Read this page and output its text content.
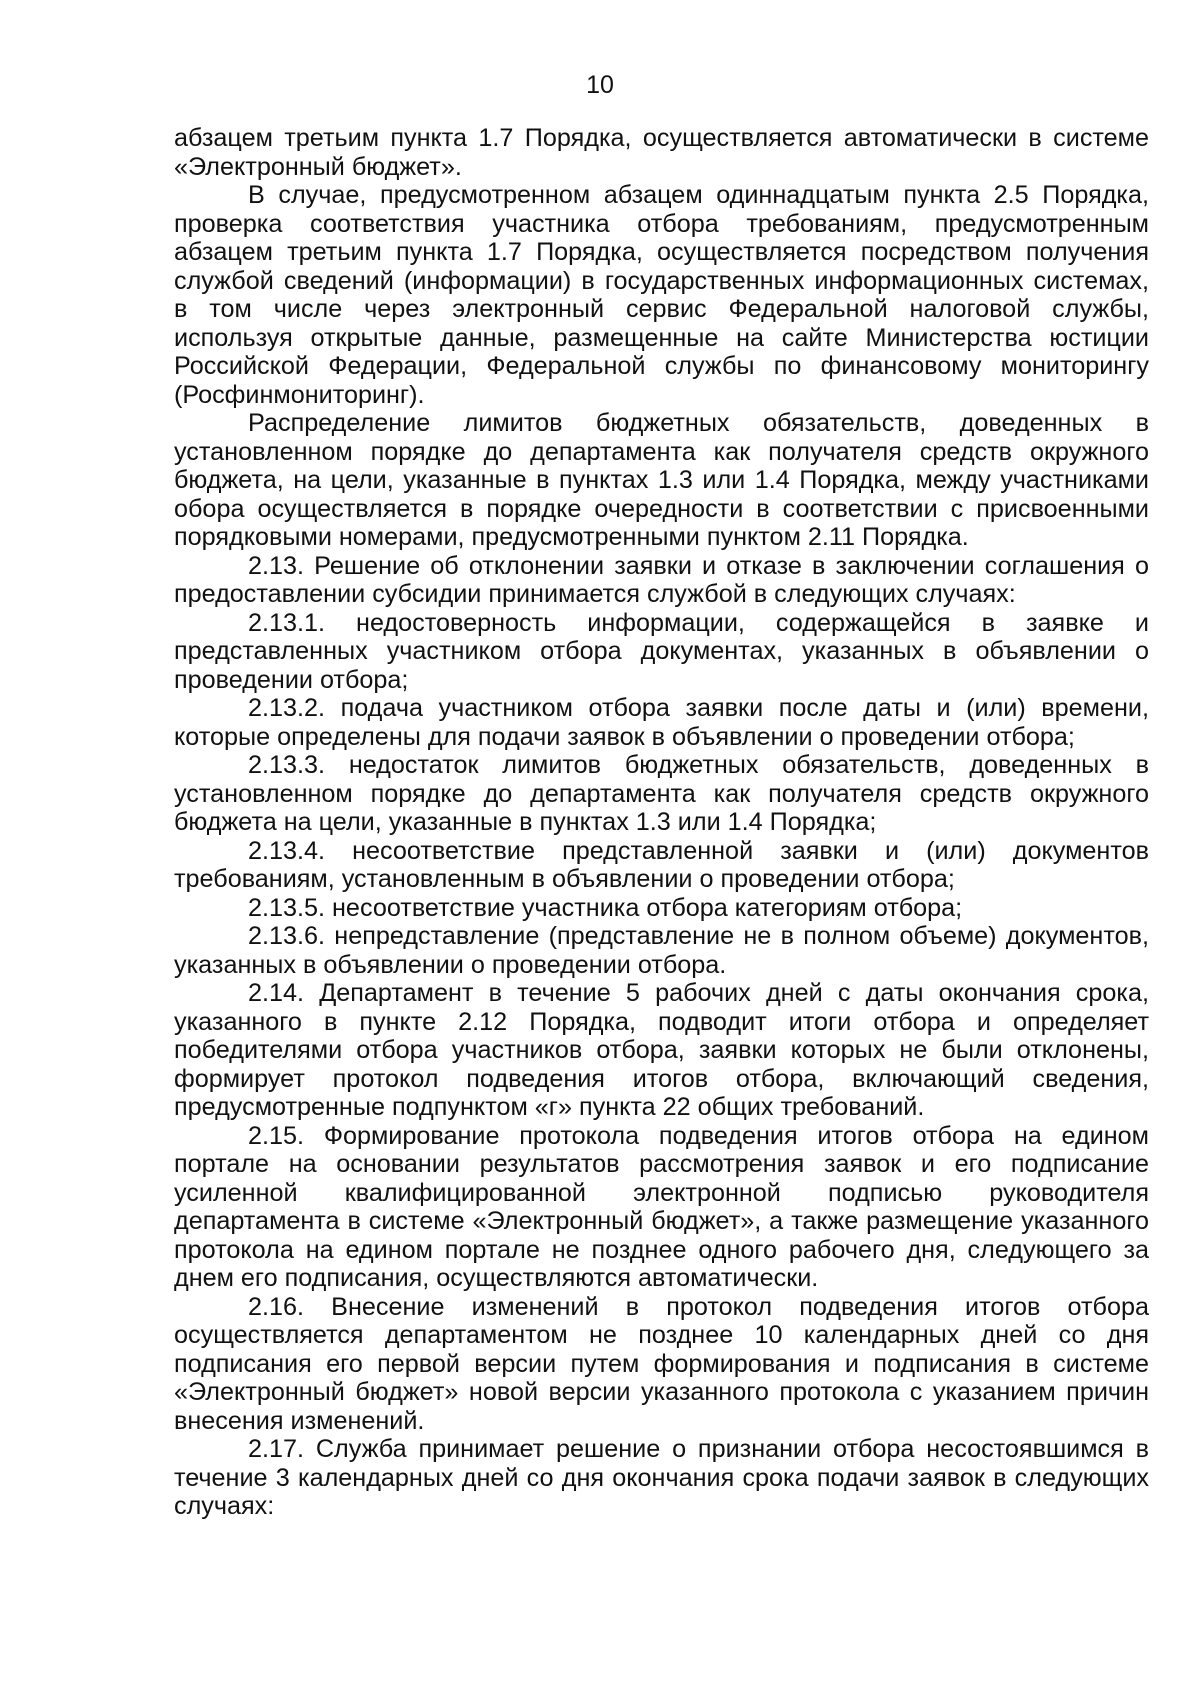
10

абзацем третьим пункта 1.7 Порядка, осуществляется автоматически в системе «Электронный бюджет».

В случае, предусмотренном абзацем одиннадцатым пункта 2.5 Порядка, проверка соответствия участника отбора требованиям, предусмотренным абзацем третьим пункта 1.7 Порядка, осуществляется посредством получения службой сведений (информации) в государственных информационных системах, в том числе через электронный сервис Федеральной налоговой службы, используя открытые данные, размещенные на сайте Министерства юстиции Российской Федерации, Федеральной службы по финансовому мониторингу (Росфинмониторинг).

Распределение лимитов бюджетных обязательств, доведенных в установленном порядке до департамента как получателя средств окружного бюджета, на цели, указанные в пунктах 1.3 или 1.4 Порядка, между участниками обора осуществляется в порядке очередности в соответствии с присвоенными порядковыми номерами, предусмотренными пунктом 2.11 Порядка.

2.13. Решение об отклонении заявки и отказе в заключении соглашения о предоставлении субсидии принимается службой в следующих случаях:

2.13.1. недостоверность информации, содержащейся в заявке и представленных участником отбора документах, указанных в объявлении о проведении отбора;

2.13.2. подача участником отбора заявки после даты и (или) времени, которые определены для подачи заявок в объявлении о проведении отбора;

2.13.3. недостаток лимитов бюджетных обязательств, доведенных в установленном порядке до департамента как получателя средств окружного бюджета на цели, указанные в пунктах 1.3 или 1.4 Порядка;

2.13.4. несоответствие представленной заявки и (или) документов требованиям, установленным в объявлении о проведении отбора;

2.13.5. несоответствие участника отбора категориям отбора;

2.13.6. непредставление (представление не в полном объеме) документов, указанных в объявлении о проведении отбора.

2.14. Департамент в течение 5 рабочих дней с даты окончания срока, указанного в пункте 2.12 Порядка, подводит итоги отбора и определяет победителями отбора участников отбора, заявки которых не были отклонены, формирует протокол подведения итогов отбора, включающий сведения, предусмотренные подпунктом «г» пункта 22 общих требований.

2.15. Формирование протокола подведения итогов отбора на едином портале на основании результатов рассмотрения заявок и его подписание усиленной квалифицированной электронной подписью руководителя департамента в системе «Электронный бюджет», а также размещение указанного протокола на едином портале не позднее одного рабочего дня, следующего за днем его подписания, осуществляются автоматически.

2.16. Внесение изменений в протокол подведения итогов отбора осуществляется департаментом не позднее 10 календарных дней со дня подписания его первой версии путем формирования и подписания в системе «Электронный бюджет» новой версии указанного протокола с указанием причин внесения изменений.

2.17. Служба принимает решение о признании отбора несостоявшимся в течение 3 календарных дней со дня окончания срока подачи заявок в следующих случаях:
